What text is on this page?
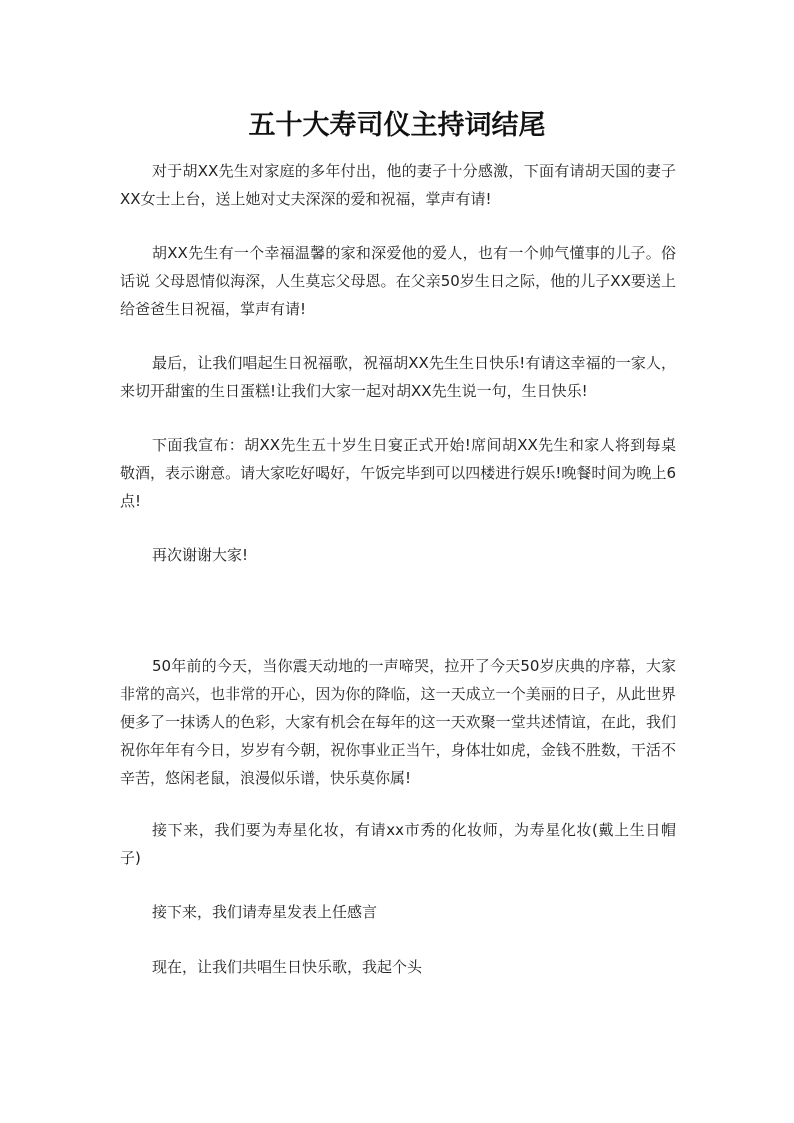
五十大寿司仪主持词结尾

对于胡XX先生对家庭的多年付出，他的妻子十分感激，下面有请胡天国的妻子XX女士上台，送上她对丈夫深深的爱和祝福，掌声有请!

胡XX先生有一个幸福温馨的家和深爱他的爱人，也有一个帅气懂事的儿子。俗话说 父母恩情似海深，人生莫忘父母恩。在父亲50岁生日之际，他的儿子XX要送上给爸爸生日祝福，掌声有请!

最后，让我们唱起生日祝福歌，祝福胡XX先生生日快乐!有请这幸福的一家人，来切开甜蜜的生日蛋糕!让我们大家一起对胡XX先生说一句，生日快乐!

下面我宣布：胡XX先生五十岁生日宴正式开始!席间胡XX先生和家人将到每桌敬酒，表示谢意。请大家吃好喝好，午饭完毕到可以四楼进行娱乐!晚餐时间为晚上6点!

再次谢谢大家!

50年前的今天，当你震天动地的一声啼哭，拉开了今天50岁庆典的序幕，大家非常的高兴，也非常的开心，因为你的降临，这一天成立一个美丽的日子，从此世界便多了一抹诱人的色彩，大家有机会在每年的这一天欢聚一堂共述情谊，在此，我们祝你年年有今日，岁岁有今朝，祝你事业正当午，身体壮如虎，金钱不胜数，干活不辛苦，悠闲老鼠，浪漫似乐谱，快乐莫你属!

接下来，我们要为寿星化妆，有请xx市秀的化妆师，为寿星化妆(戴上生日帽子)

接下来，我们请寿星发表上任感言

现在，让我们共唱生日快乐歌，我起个头
